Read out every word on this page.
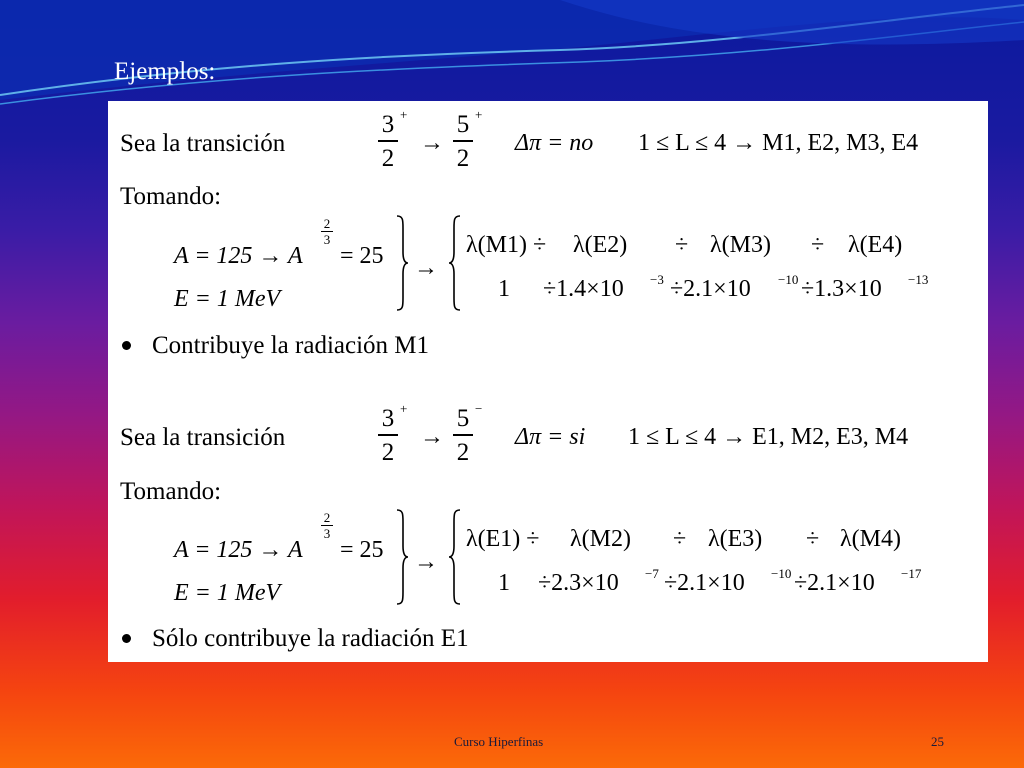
Ejemplos:
Sea la transición
3
2
+
→
5
2
+
Δπ = no 1 ≤ L ≤ 4 → M1, E2, M3, E4
Tomando:
A = 125 → A
2
3
= 25
E = 1 MeV
→
λ(M1) ÷ λ(E2) ÷ λ(M3) ÷ λ(E4)
1 ÷1.4×10 −3 ÷2.1×10 −10 ÷1.3×10 −13
Contribuye la radiación M1
Sea la transición
3
2
+
→
5
2
−
Δπ = si 1 ≤ L ≤ 4 → E1, M2, E3, M4
Tomando:
A = 125 → A
2
3
= 25
E = 1 MeV
→
λ(E1) ÷ λ(M2) ÷ λ(E3) ÷ λ(M4)
1 ÷2.3×10 −7 ÷2.1×10 −10 ÷2.1×10 −17
Sólo contribuye la radiación E1
Curso Hiperfinas	25
